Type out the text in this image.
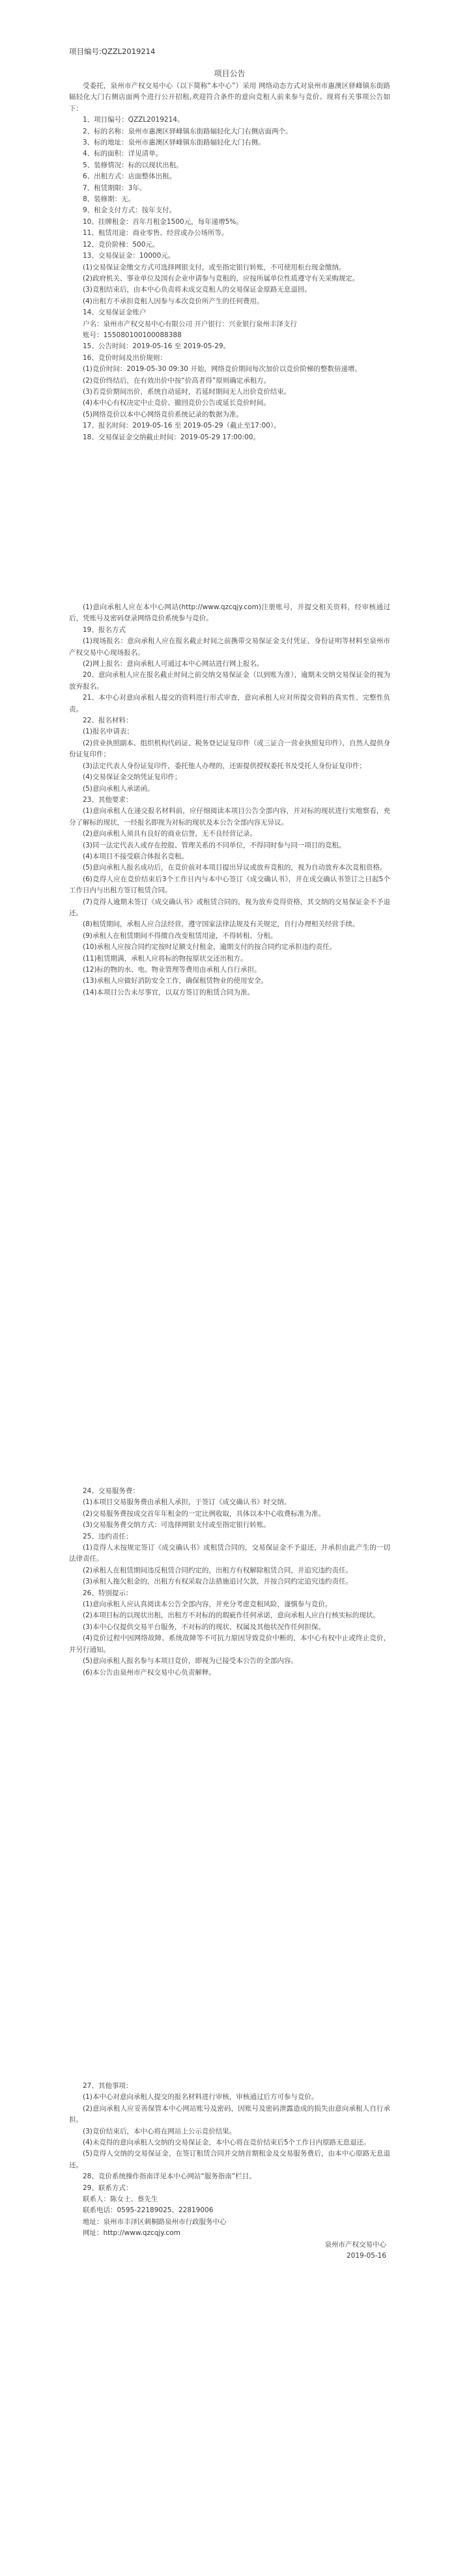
项目编号:QZZL2019214

项目公告

受委托，泉州市产权交易中心（以下简称“本中心”）采用 网络动态方式对泉州市惠澳区驿峰镇东街路辐轻化大门右侧店面两个进行公开招租,欢迎符合条件的意向竞租人前来参与竞价。现将有关事项公告如下：

1、项目编号：QZZL2019214。

2、标的名称：泉州市惠澳区驿峰镇东街路辐轻化大门右侧店面两个。

3、标的地址：泉州市惠澳区驿峰镇东街路辐轻化大门右侧。

4、标的面积：详见清单。

5、装修情况：标的以现状出租。

6、出租方式：店面整体出租。

7、租赁期限：3年。

8、装修期：无。

9、租金支付方式：按年支付。

10、挂牌租金：首年月租金1500元，每年递增5%。

11、租赁用途：商业零售、经营或办公场所等。

12、竞价阶梯：500元。

13、交易保证金：10000元。

(1)交易保证金缴交方式可选择网银支付，或至指定银行转账，不可使用柜台现金缴纳。

(2)政府机关、事业单位及国有企业申请参与竞租的，应按所属单位性质遵守有关采购规定。

(3)竞租结束后，由本中心负责将未成交竞租人的交易保证金原路无息退回。

(4)出租方不承担竞租人因参与本次竞价所产生的任何费用。

14、交易保证金账户

户名：泉州市产权交易中心有限公司 开户银行：兴业银行泉州丰泽支行

账号：155080100100088388

15、公告时间：2019-05-16 至 2019-05-29。

16、竞价时间及出价规则：

(1)竞价时间：2019-05-30 09:30 开始，网络竞价期间每次加价以竞价阶梯的整数倍递增。

(2)竞价终结后，在有效出价中按“价高者得”原则确定承租方。

(3)若竞价期间出价，系统自动延时，若延时期间无人出价竞价结束。

(4)本中心有权决定中止竞价、撤回竞价公告或延长竞价时间。

(5)网络竞价以本中心网络竞价系统记录的数据为准。

17、报名时间：2019-05-16 至 2019-05-29（截止至17:00）。

18、交易保证金交纳截止时间：2019-05-29 17:00:00。

(1)意向承租人应在本中心网站(http://www.qzcqjy.com)注册账号，并提交相关资料，经审核通过后，凭账号及密码登录网络竞价系统参与竞价。

19、报名方式

(1)现场报名：意向承租人应在报名截止时间之前携带交易保证金支付凭证、身份证明等材料至泉州市产权交易中心现场报名。

(2)网上报名：意向承租人可通过本中心网站进行网上报名。

20、意向承租人应在报名截止时间之前交纳交易保证金（以到账为准），逾期未交纳交易保证金的视为放弃报名。

21、本中心对意向承租人提交的资料进行形式审查，意向承租人应对所提交资料的真实性、完整性负责。

22、报名材料：

(1)报名申请表；

(2)营业执照副本、组织机构代码证、税务登记证复印件（或三证合一营业执照复印件），自然人提供身份证复印件；

(3)法定代表人身份证复印件，委托他人办理的，还需提供授权委托书及受托人身份证复印件；

(4)交易保证金交纳凭证复印件；

(5)意向承租人承诺函。

23、其他要求：

(1)意向承租人在递交报名材料前，应仔细阅读本项目公告全部内容，并对标的现状进行实地察看，充分了解标的现状，一经报名即视为对标的现状及本公告全部内容无异议。

(2)意向承租人须具有良好的商业信誉，无不良经营记录。

(3)同一法定代表人或存在控股、管理关系的不同单位，不得同时参与同一项目的竞租。

(4)本项目不接受联合体报名竞租。

(5)意向承租人报名成功后，在竞价前对本项目提出异议或放弃竞租的，视为自动放弃本次竞租资格。

(6)竞得人应在竞价结束后3个工作日内与本中心签订《成交确认书》，并在成交确认书签订之日起5个工作日内与出租方签订租赁合同。

(7)竞得人逾期未签订《成交确认书》或租赁合同的，视为放弃竞得资格，其交纳的交易保证金不予退还。

(8)租赁期间，承租人应合法经营，遵守国家法律法规及有关规定，自行办理相关经营手续。

(9)承租人在租赁期间不得擅自改变租赁用途，不得转租、分租。

(10)承租人应按合同约定按时足额支付租金，逾期支付的按合同约定承担违约责任。

(11)租赁期满，承租人应将标的物按原状交还出租方。

(12)标的物的水、电、物业管理等费用由承租人自行承担。

(13)承租人应做好消防安全工作，确保租赁物业的使用安全。

(14)本项目公告未尽事宜，以双方签订的租赁合同为准。

24、交易服务费：

(1)本项目交易服务费由承租人承担，于签订《成交确认书》时交纳。

(2)交易服务费按成交首年年租金的一定比例收取，具体以本中心收费标准为准。

(3)交易服务费交纳方式：可选择网银支付或至指定银行转账。

25、违约责任：

(1)竞得人未按规定签订《成交确认书》或租赁合同的，交易保证金不予退还，并承担由此产生的一切法律责任。

(2)承租人在租赁期间违反租赁合同约定的，出租方有权解除租赁合同，并追究违约责任。

(3)承租人拖欠租金的，出租方有权采取合法措施追讨欠款，并按合同约定追究违约责任。

26、特别提示：

(1)意向承租人应认真阅读本公告全部内容，并充分考虑竞租风险，谨慎参与竞价。

(2)本项目标的以现状出租，出租方不对标的的瑕疵作任何承诺，意向承租人应自行核实标的现状。

(3)本中心仅提供交易平台服务，不对标的的现状、权属及其他状况作任何担保。

(4)竞价过程中因网络故障、系统故障等不可抗力原因导致竞价中断的，本中心有权中止或终止竞价，并另行通知。

(5)意向承租人报名参与本项目竞价，即视为已接受本公告的全部内容。

(6)本公告由泉州市产权交易中心负责解释。

27、其他事项：

(1)本中心对意向承租人提交的报名材料进行审核，审核通过后方可参与竞价。

(2)意向承租人应妥善保管本中心网站账号及密码，因账号及密码泄露造成的损失由意向承租人自行承担。

(3)竞价结束后，本中心将在网站上公示竞价结果。

(4)未竞得的意向承租人交纳的交易保证金，本中心将在竞价结束后5个工作日内原路无息退还。

(5)竞得人交纳的交易保证金，在签订租赁合同并交纳首期租金及交易服务费后，由本中心原路无息退还。

28、竞价系统操作指南详见本中心网站“服务指南”栏目。

29、联系方式：

联系人：陈女士、蔡先生

联系电话：0595-22189025、22819006

地址：泉州市丰泽区刺桐路泉州市行政服务中心

网址：http://www.qzcqjy.com

泉州市产权交易中心

2019-05-16
